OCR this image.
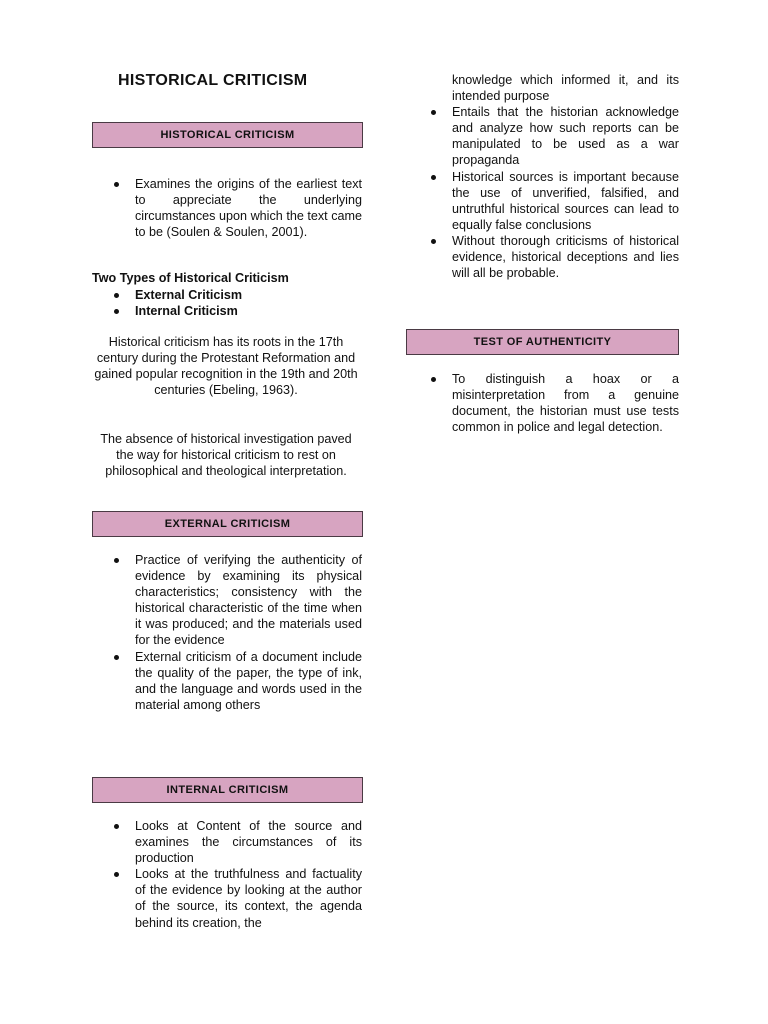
HISTORICAL CRITICISM
HISTORICAL CRITICISM
Examines the origins of the earliest text to appreciate the underlying circumstances upon which the text came to be (Soulen & Soulen, 2001).

Two Types of Historical Criticism

External Criticism
Internal Criticism

Historical criticism has its roots in the 17th century during the Protestant Reformation and gained popular recognition in the 19th and 20th centuries (Ebeling, 1963).

The absence of historical investigation paved the way for historical criticism to rest on philosophical and theological interpretation.

EXTERNAL CRITICISM
Practice of verifying the authenticity of evidence by examining its physical characteristics; consistency with the historical characteristic of the time when it was produced; and the materials used for the evidence
External criticism of a document include the quality of the paper, the type of ink, and the language and words used in the material among others
INTERNAL CRITICISM
Looks at Content of the source and examines the circumstances of its production
Looks at the truthfulness and factuality of the evidence by looking at the author of the source, its context, the agenda behind its creation, the
knowledge which informed it, and its intended purpose
Entails that the historian acknowledge and analyze how such reports can be manipulated to be used as a war propaganda
Historical sources is important because the use of unverified, falsified, and untruthful historical sources can lead to equally false conclusions
Without thorough criticisms of historical evidence, historical deceptions and lies will all be probable.
TEST OF AUTHENTICITY
To distinguish a hoax or a misinterpretation from a genuine document, the historian must use tests common in police and legal detection.
